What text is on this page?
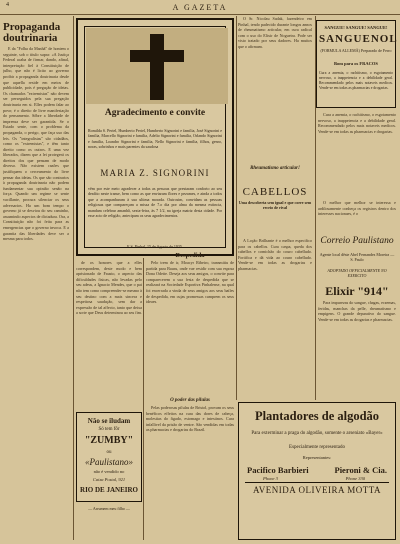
4	A GAZETA
Propaganda doutrinaria

E da "Folha da Manhã" de hontem o seguinte, sob o titulo supra: «A Justiça Federal acaba de firmar, dando, afinal, interpretação fiel à Constituição de julho, que não é licito ao governo proibir a propaganda doutrinaria desde que aquella reside em meios de publicidade, pois é pregação de ideias. Os chamados "extremistas" não devem ser perseguidos pela sua pregação doutrinaria em si. Elles podem falar ao povo; é o direito de livre manifestação do pensamento. Sôbre a liberdade de imprensa deve ser garantida. Se o Estado sente, com o problema da propaganda, o perigo, que faça uso das leis. Os "integralistas" são cidadãos, como os "extremistas", e têm tanto direito como os outros. E uma vez liberados, dizem que a lei protegerá os direitos dos que pensam de modo diverso. Não existem razões que justifiquem o cerceamento do livre pensar das ideias. Os que são contrarios à propaganda doutrinaria não podem fundamentar sua opinião senão na força. Quando um regime se sente vacillante, procura silenciar os seus adversarios. Ha um bom tempo o governo já se desviou do seu caminho, assumindo aspectos de dictadura. Ora, a Constituição não foi feita para as emergencias que o governo invoca. E a garantia das liberdades deve ser a mesma para todos.

Agradecimento e convite
Romilda S. Periel, Humberto Periel, Humberto Signorini e familia, José Signorini e familia, Marcello Signorini e familia, Adelio Signorini e familia, Orlando Signorini e familia, Loandro Signorini e familia, Nello Signorini e familia, filhos, genro, noras, sobrinhos e mais parentes da saudosa
MARIA Z. SIGNORINI
vêm por este meio agradecer a todas as pessoas que prestaram conforto ao seu desdito neste transe, bem como as que enviaram flores e pezames, e ainda a todos que a acompanharam à sua ultima morada. Outrosim, convidam as pessoas religiosas que compareçam a missa de 7.o dia por alma da mesma extincta, mandam celebrar amanhã, sexta-feira, às 7 1/2, na igreja matriz desta cidade. Por esse acto de religião, antecipam os seus agradecimentos.
E.S. Pinhal, 15 de Agosto de 1935.

de os honores que a elles correspondem, deste modo e bem aprisionado de Fausto, o aspecto das dificuldades fisicas, não levadas pelo seu adeus, a Ignacio Mendes, que o pai não tem como compreender-se mesmo à seu destino com a mais sincera e respeitosa saudação, sem dar a expressão de tal affecto, tanto que deixa a sorte que Deus determinou ao seu fim.

Despedida

Pelo trem de ir, Moacyr Ribeiro, transmitiu de partida para Bauru, onde vae residir com sua esposa Dona Odette. Deseja aos seus amigos, o convite para comparecerem a sua festa de despedida que se realizará na Sociedade Esportiva Pinhalense, na qual foi encerrada a vinda de seus amigos aos seus bailes de despedida, em cujas promessas cumprem os seus ideaes.

Não se iludam
Só tem fôr
"ZUMBY"
ou
«Paulistano»
não é vendido no
Caixa Postal, 921
RIO DE JANEIRO
— Arrumem meu filho —
O poder das pilulas

Pelas poderosas pilulas de Bristol, provam os seus benéficos effeitos na cura das dores de cabeça, molestias do figado, estomago e intestinos. Cura infallivel da prisão de ventre. São vendidas em todas as pharmacias e drogarias do Brazil.

O Sr. Nicolau Sadak, fazendeiro em Pinhal, tendo padecido durante longos annos de rheumatismo articular, em cura radical com o uso do Elixir de Nogueira. Pode ser visto tratado por seus dadores. Ha muitos que o afirmam.

Rheumatismo articular!
CABELLOS
Uma descoberta sem igual e que corre sem receio de rival

A Loção Brilhante é o melhor especifico para os cabellos. Cura caspa, queda dos cabellos e comichão do couro cabelludo. Fortifica e dá vida ao couro cabelludo. Vende-se em todas as drogarias e pharmacias.

SANGUE! SANGUE! SANGUE!
SANGUENOL
(FORMULA ALLEMÃ) Preparado de Ferro
Bom para os FRACOS
Cura a anemia, o rachitismo, o esgotamento nervoso, a inappetencia e a debilidade geral. Recommendado pelos mais notaveis medicos. Vende-se em todas as pharmacias e drogarias.

Cura a anemia, o rachitismo, o esgotamento nervoso, a inappetencia e a debilidade geral. Recommendado pelos mais notaveis medicos. Vende-se em todas as pharmacias e drogarias.

O melhor que melhor se interessa e ardilosamente conheça os registros dentro dos interesses nacionaes, é o

Correio Paulistano
Agente local dêste Abel Fernandes Moreira — S. Paulo
ADOPTADO OFFICIALMENTE NO EXERCITO
Elixir "914"

Para impurezas do sangue, chagas, eczemas, feridas, manchas da pelle, rheumatismo e empigens. O grande depurativo do sangue. Vende-se em todas as drogarias e pharmacias.

Plantadores de algodão
Para exterminar a praga do algodão, somente o arseniato «Bayer»
Especialmente representado
Representantes:
Pacifico Barbieri	Pieroni & Cia.
Phone 3	Phone 330
AVENIDA OLIVEIRA MOTTA
